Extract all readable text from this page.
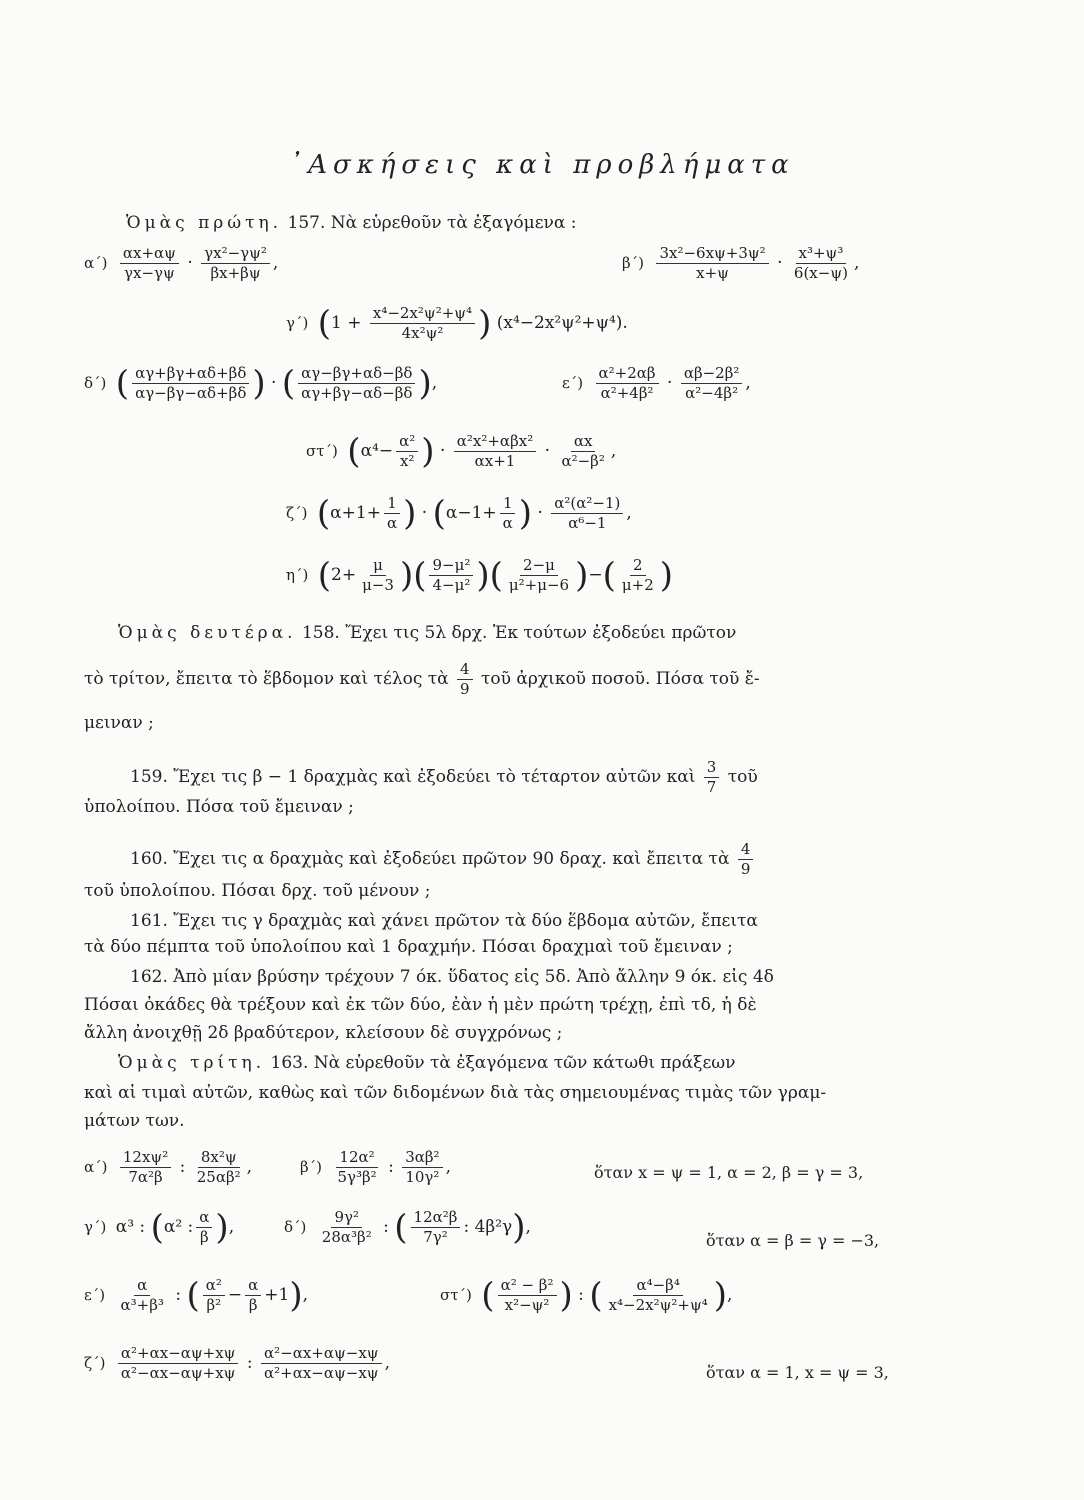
᾽Ασκήσεις καὶ προβλήματα
Ὁμὰς πρώτη. 157. Νὰ εὑρεθοῦν τὰ ἐξαγόμενα :
$\alpha΄) \frac{\alpha x+\alpha\psi}{\gamma x-\gamma\psi} \cdot \frac{\text{γx²−γψ²}}{\beta x+\beta\psi}$ ,	$\beta΄) \frac{\text{3x²−6xψ+3ψ²}}{x+\psi} \cdot \frac{\text{x³+ψ³}}{6(x-\psi)}$ ,
γ΄) ($1 + \frac{\text{x⁴−2x²ψ²+ψ⁴}}{\text{4x²ψ²}}$ ) (x⁴−2x²ψ²+ψ⁴).
δ΄) ( $\frac{\alpha\gamma+\beta\gamma+\alpha\delta+\beta\delta}{\alpha\gamma-\beta\gamma-\alpha\delta+\beta\delta}$ ) · ( $\frac{\alpha\gamma-\beta\gamma+\alpha\delta-\beta\delta}{\alpha\gamma+\beta\gamma-\alpha\delta-\beta\delta}$ ),	$\varepsilon΄) \frac{\text{α²+2αβ}}{\text{α²+4β²}} \cdot \frac{\text{αβ−2β²}}{\text{α²−4β²}}$ ,
στ΄) ($\alpha^4- \frac{\text{α²}}{\text{x²}}$ ) · $\frac{\text{α²x²+αβx²}}{\alpha x+1} \cdot \frac{\alpha x}{\text{α²−β²}}$ ,
ζ΄) ($\alpha+1+ \frac{1}{\alpha}$ ) · ($\alpha-1+ \frac{1}{\alpha}$ ) · $\frac{\text{α²(α²−1)}}{\text{α⁶−1}}$ ,
η΄) ($2+ \frac{\mu}{\mu-3}$ )( $\frac{\text{9−μ²}}{\text{4−μ²}}$ )( $\frac{2-\mu}{\text{μ²+μ−6}}$ )−( $\frac{2}{\mu+2}$ )
Ὁμὰς δευτέρα. 158. Ἔχει τις 5λ δρχ. Ἐκ τούτων ἐξοδεύει πρῶτον
τὸ τρίτον, ἔπειτα τὸ ἕβδομον καὶ τέλος τὰ $\frac{4}{9}$ τοῦ ἀρχικοῦ ποσοῦ. Πόσα τοῦ ἔ-
μειναν ;
159. Ἔχει τις β − 1 δραχμὰς καὶ ἐξοδεύει τὸ τέταρτον αὐτῶν καὶ $\frac{3}{7}$ τοῦ
ὑπολοίπου. Πόσα τοῦ ἔμειναν ;
160. Ἔχει τις α δραχμὰς καὶ ἐξοδεύει πρῶτον 90 δραχ. καὶ ἔπειτα τὰ $\frac{4}{9}$
τοῦ ὑπολοίπου. Πόσαι δρχ. τοῦ μένουν ;
161. Ἔχει τις γ δραχμὰς καὶ χάνει πρῶτον τὰ δύο ἕβδομα αὐτῶν, ἔπειτα
τὰ δύο πέμπτα τοῦ ὑπολοίπου καὶ 1 δραχμήν. Πόσαι δραχμαὶ τοῦ ἔμειναν ;
162. Ἀπὸ μίαν βρύσην τρέχουν 7 όκ. ὕδατος εἰς 5δ. Ἀπὸ ἄλλην 9 όκ. εἰς 4δ
Πόσαι ὀκάδες θὰ τρέξουν καὶ ἐκ τῶν δύο, ἐὰν ἡ μὲν πρώτη τρέχῃ, ἐπὶ τδ, ἡ δὲ
ἄλλη ἀνοιχθῇ 2δ βραδύτερον, κλείσουν δὲ συγχρόνως ;
Ὁμὰς τρίτη. 163. Νὰ εὑρεθοῦν τὰ ἐξαγόμενα τῶν κάτωθι πράξεων
καὶ αἱ τιμαὶ αὐτῶν, καθὼς καὶ τῶν διδομένων διὰ τὰς σημειουμένας τιμὰς τῶν γραμ-
μάτων των.
$\alpha΄) \frac{\text{12xψ²}}{\text{7α²β}}$ : $\frac{\text{8x²ψ}}{\text{25αβ²}}$ ,	$\beta΄) \frac{\text{12α²}}{\text{5γ³β²}}$ : $\frac{\text{3αβ²}}{\text{10γ²}}$ ,	ὅταν x = ψ = 1, α = 2, β = γ = 3,
γ΄) α³ : (α² : $\frac{\alpha}{\beta}$ ),	$\delta΄) \frac{\text{9γ²}}{\text{28α³β²}}$ : ( $\frac{\text{12α²β}}{\text{7γ²}}$ : 4β²γ),
ὅταν α = β = γ = −3,
$\varepsilon΄) \frac{\alpha}{\text{α³+β³}}$ : ( $\frac{\text{α²}}{\text{β²}} - \frac{\alpha}{\beta} +1$),	στ΄) ( $\frac{\text{α² − β²}}{\text{x²−ψ²}}$ ) : ( $\frac{\text{α⁴−β⁴}}{\text{x⁴−2x²ψ²+ψ⁴}}$ ),
$\zeta΄) \frac{\text{α²+αx−αψ+xψ}}{\text{α²−αx−αψ+xψ}}$ : $\frac{\text{α²−αx+αψ−xψ}}{\text{α²+αx−αψ−xψ}}$ ,	ὅταν α = 1, x = ψ = 3,
